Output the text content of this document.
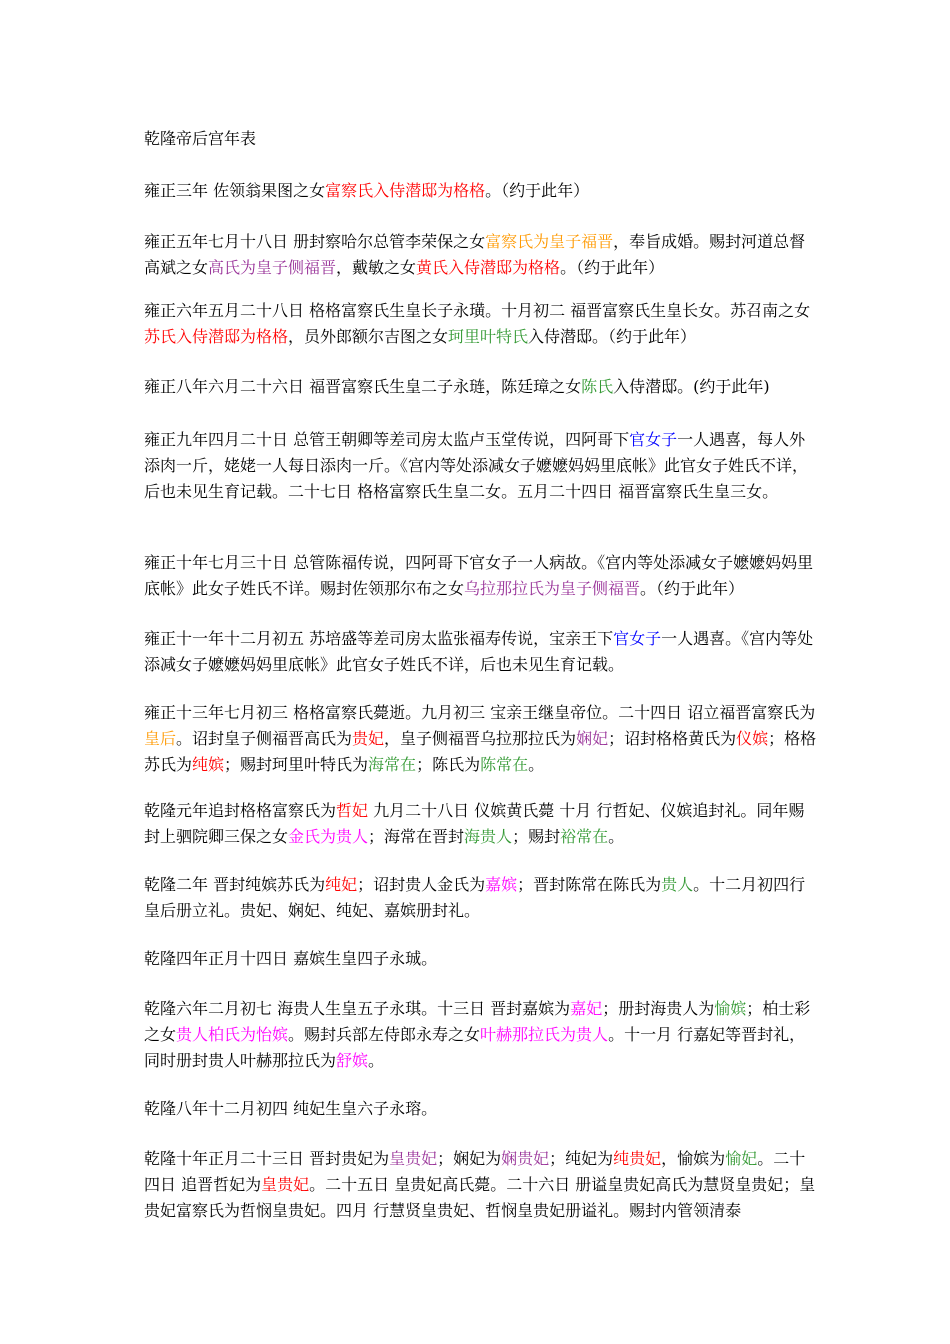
乾隆帝后宫年表

雍正三年 佐领翁果图之女富察氏入侍潜邸为格格。（约于此年）

雍正五年七月十八日 册封察哈尔总管李荣保之女富察氏为皇子福晋，奉旨成婚。赐封河道总督高斌之女高氏为皇子侧福晋，戴敏之女黄氏入侍潜邸为格格。（约于此年）

雍正六年五月二十八日 格格富察氏生皇长子永璜。十月初二 福晋富察氏生皇长女。苏召南之女苏氏入侍潜邸为格格，员外郎额尔吉图之女珂里叶特氏入侍潜邸。（约于此年）

雍正八年六月二十六日 福晋富察氏生皇二子永琏，陈廷璋之女陈氏入侍潜邸。(约于此年)

雍正九年四月二十日 总管王朝卿等差司房太监卢玉堂传说，四阿哥下官女子一人遇喜，每人外添肉一斤，姥姥一人每日添肉一斤。《宫内等处添减女子嬷嬷妈妈里底帐》此官女子姓氏不详，后也未见生育记载。二十七日 格格富察氏生皇二女。五月二十四日 福晋富察氏生皇三女。

雍正十年七月三十日 总管陈福传说，四阿哥下官女子一人病故。《宫内等处添减女子嬷嬷妈妈里底帐》此女子姓氏不详。赐封佐领那尔布之女乌拉那拉氏为皇子侧福晋。（约于此年）

雍正十一年十二月初五 苏培盛等差司房太监张福寿传说，宝亲王下官女子一人遇喜。《宫内等处添减女子嬷嬷妈妈里底帐》此官女子姓氏不详，后也未见生育记载。

雍正十三年七月初三 格格富察氏薨逝。九月初三 宝亲王继皇帝位。二十四日 诏立福晋富察氏为皇后。诏封皇子侧福晋高氏为贵妃，皇子侧福晋乌拉那拉氏为娴妃；诏封格格黄氏为仪嫔；格格苏氏为纯嫔；赐封珂里叶特氏为海常在；陈氏为陈常在。

乾隆元年追封格格富察氏为哲妃 九月二十八日 仪嫔黄氏薨 十月 行哲妃、仪嫔追封礼。同年赐封上驷院卿三保之女金氏为贵人；海常在晋封海贵人；赐封裕常在。

乾隆二年 晋封纯嫔苏氏为纯妃；诏封贵人金氏为嘉嫔；晋封陈常在陈氏为贵人。十二月初四行皇后册立礼。贵妃、娴妃、纯妃、嘉嫔册封礼。

乾隆四年正月十四日 嘉嫔生皇四子永珹。

乾隆六年二月初七 海贵人生皇五子永琪。十三日 晋封嘉嫔为嘉妃；册封海贵人为愉嫔；柏士彩之女贵人柏氏为怡嫔。赐封兵部左侍郎永寿之女叶赫那拉氏为贵人。十一月 行嘉妃等晋封礼，同时册封贵人叶赫那拉氏为舒嫔。

乾隆八年十二月初四 纯妃生皇六子永瑢。

乾隆十年正月二十三日 晋封贵妃为皇贵妃；娴妃为娴贵妃；纯妃为纯贵妃，愉嫔为愉妃。二十四日 追晋哲妃为皇贵妃。二十五日 皇贵妃高氏薨。二十六日 册谥皇贵妃高氏为慧贤皇贵妃；皇贵妃富察氏为哲悯皇贵妃。四月 行慧贤皇贵妃、哲悯皇贵妃册谥礼。赐封内管领清泰
